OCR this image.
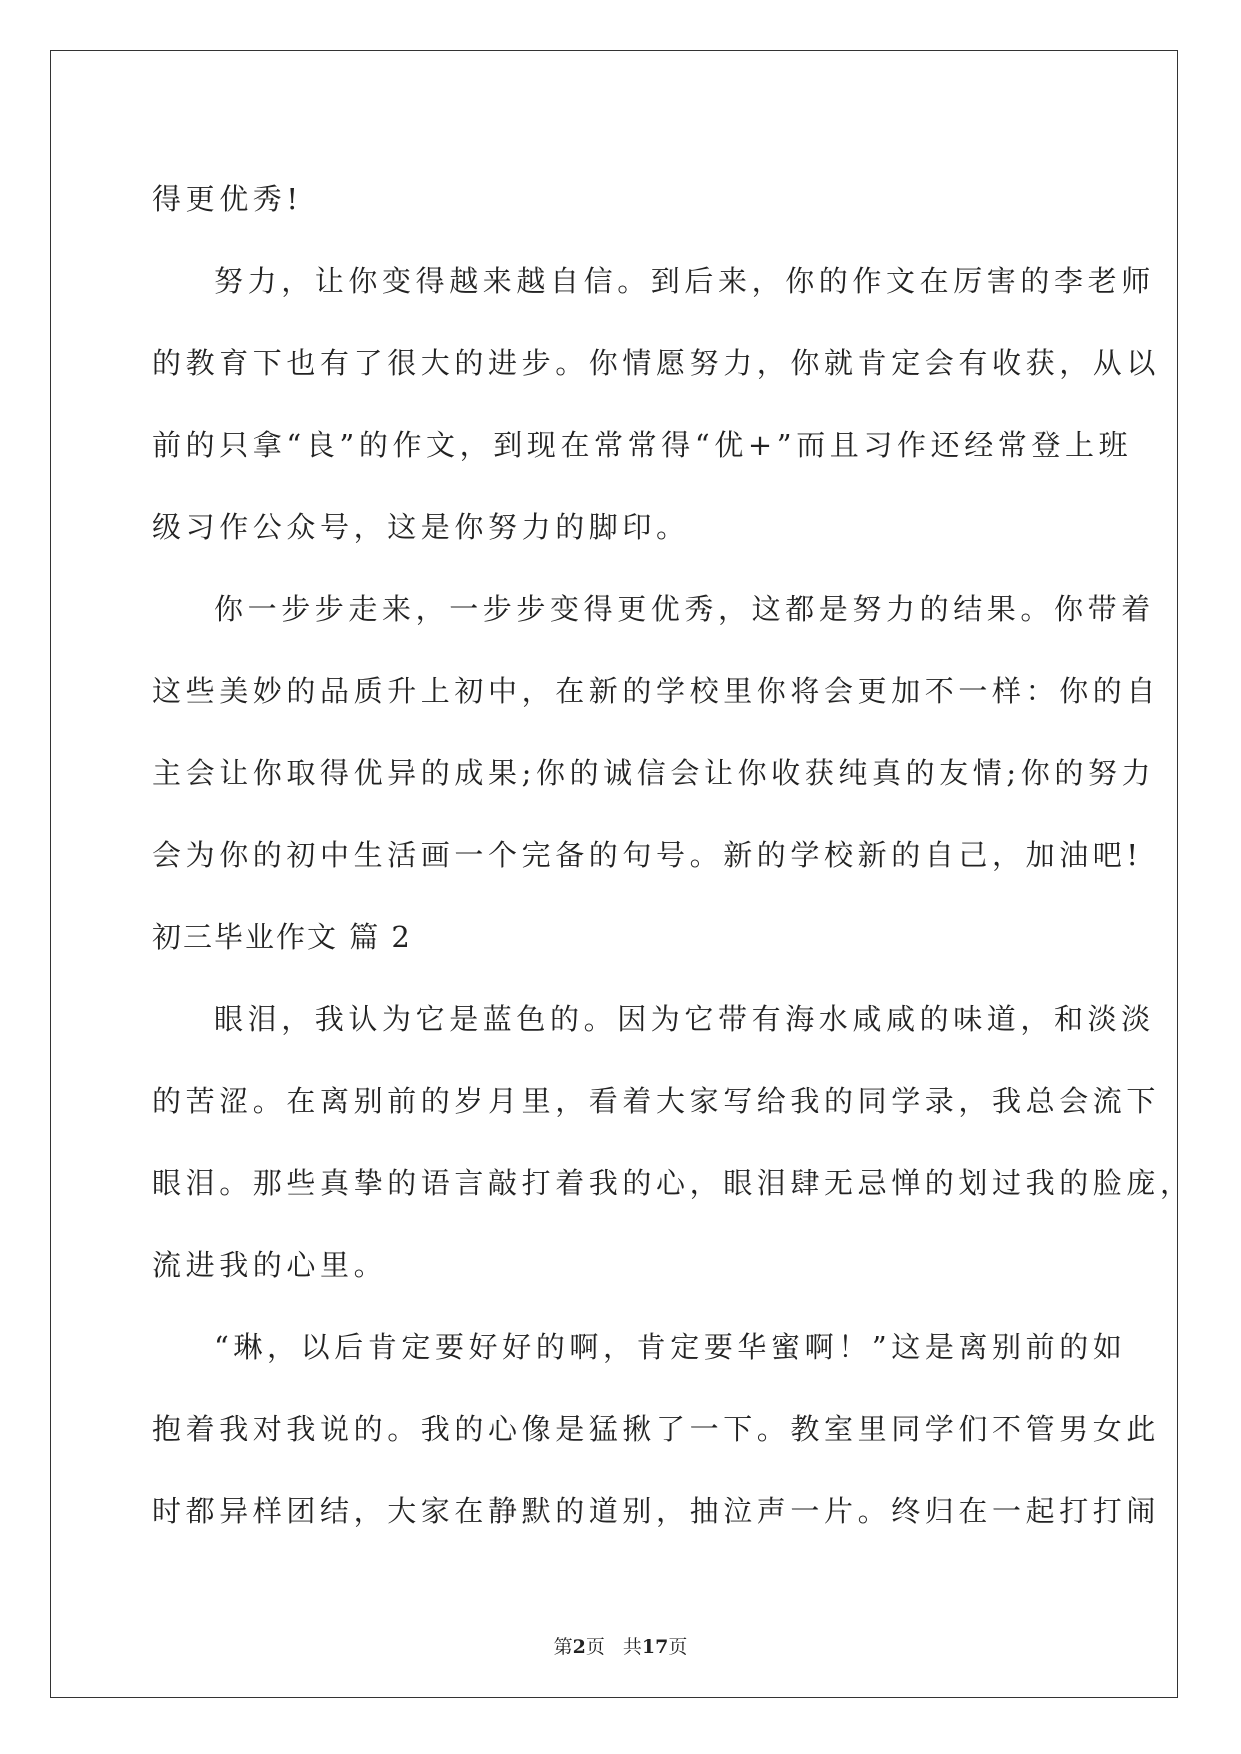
得更优秀!
努力，让你变得越来越自信。到后来，你的作文在厉害的李老师
的教育下也有了很大的进步。你情愿努力，你就肯定会有收获，从以
前的只拿“良”的作文，到现在常常得“优+”而且习作还经常登上班
级习作公众号，这是你努力的脚印。
你一步步走来，一步步变得更优秀，这都是努力的结果。你带着
这些美妙的品质升上初中，在新的学校里你将会更加不一样：你的自
主会让你取得优异的成果;你的诚信会让你收获纯真的友情;你的努力
会为你的初中生活画一个完备的句号。新的学校新的自己，加油吧!
初三毕业作文 篇 2
眼泪，我认为它是蓝色的。因为它带有海水咸咸的味道，和淡淡
的苦涩。在离别前的岁月里，看着大家写给我的同学录，我总会流下
眼泪。那些真挚的语言敲打着我的心，眼泪肆无忌惮的划过我的脸庞，
流进我的心里。
“琳，以后肯定要好好的啊，肯定要华蜜啊！”这是离别前的如
抱着我对我说的。我的心像是猛揪了一下。教室里同学们不管男女此
时都异样团结，大家在静默的道别，抽泣声一片。终归在一起打打闹
第2页 共17页
